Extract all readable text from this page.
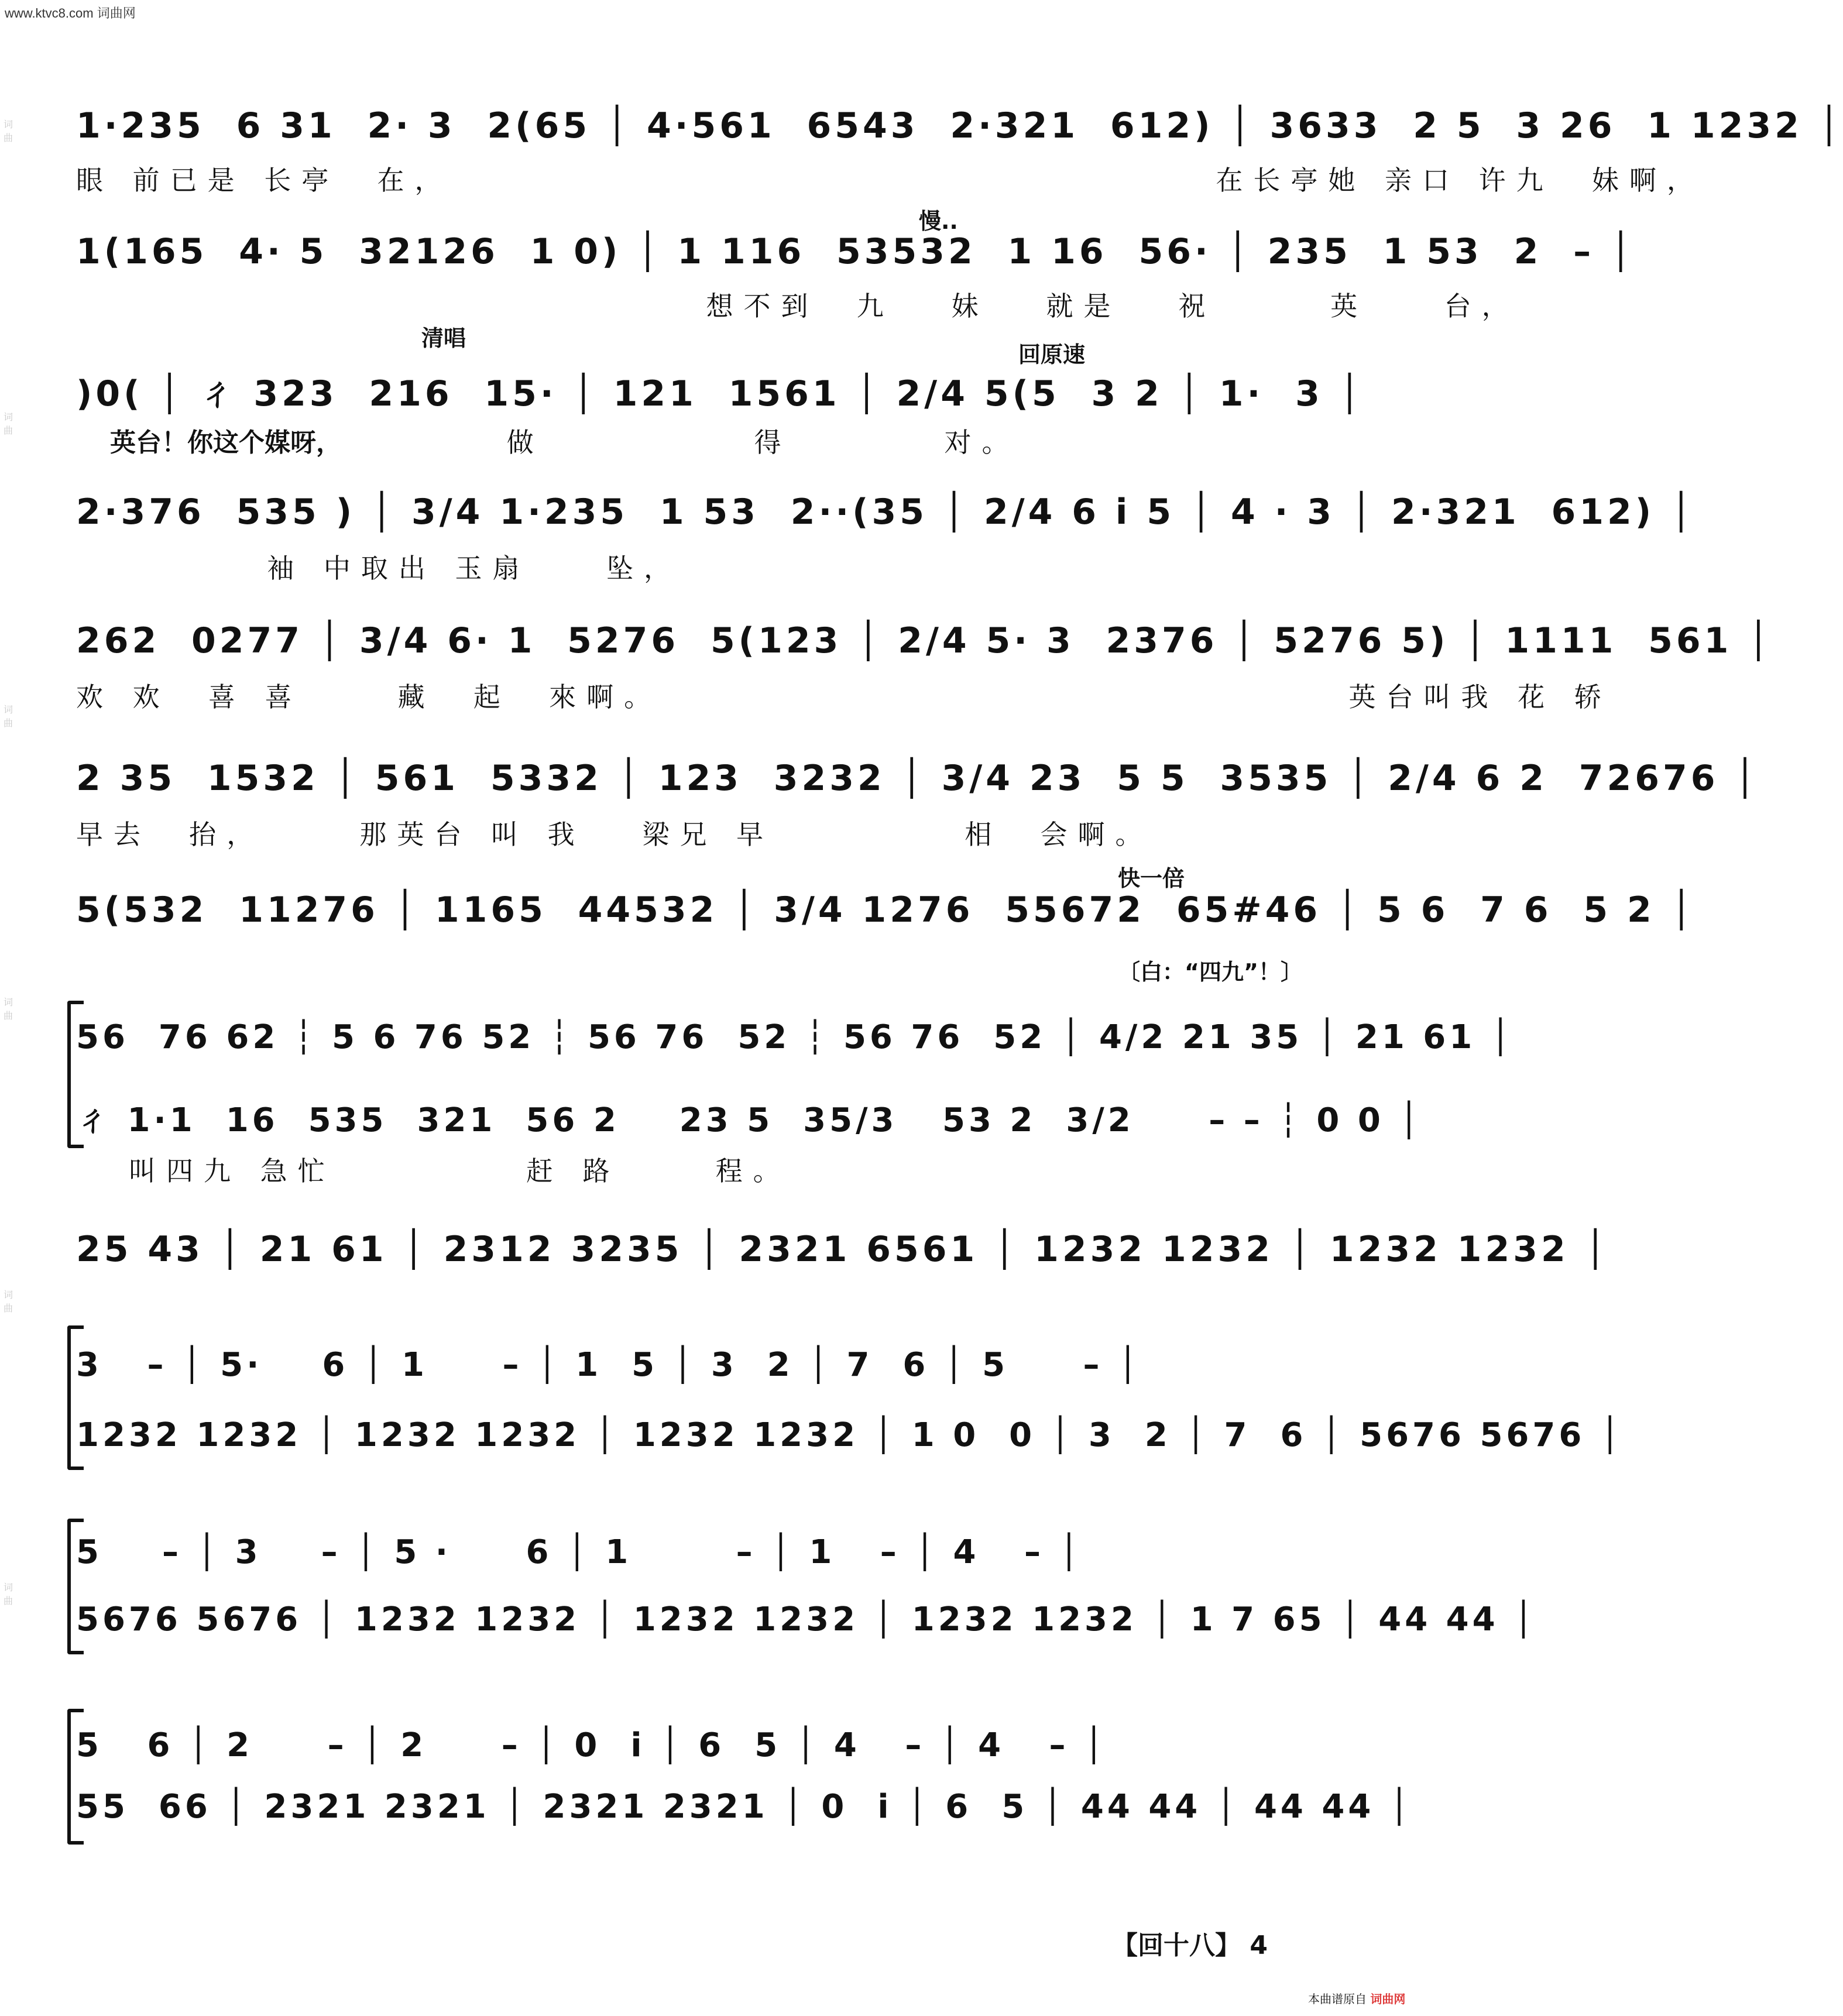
www.ktvc8.com 词曲网
词曲
词曲
词曲
词曲
词曲
词曲
1·235  6 31  2· 3  2(65 │ 4·561  6543  2·321  612) │ 3633  2 5  3 26  1 1232 │
眼 前已是 长亭  在，                                        在长亭她 亲口 许九  妹啊，
慢..
1(165  4· 5  32126  1 0) │ 1 116  53532  1 16  56· │ 235  1 53  2  – │
想不到  九   妹   就是   祝      英    台，
清唱
回原速
)0( │ ㄔ 323  216  15· │ 121  1561 │ 2/4 5(5  3 2 │ 1·  3 │
英台！你这个媒呀， 做           得        对。
2·376  535 ) │ 3/4 1·235  1 53  2··(35 │ 2/4 6 i 5 │ 4 · 3 │ 2·321  612) │
袖 中取出 玉扇    坠，
262  0277 │ 3/4 6· 1  5276  5(123 │ 2/4 5· 3  2376 │ 5276 5) │ 1111  561 │
欢 欢  喜 喜     藏  起  來啊。                                    英台叫我 花 轿
2 35  1532 │ 561  5332 │ 123  3232 │ 3/4 23  5 5  3535 │ 2/4 6 2  72676 │
早去  抬，     那英台 叫 我   梁兄 早          相  会啊。
快一倍
5(532  11276 │ 1165  44532 │ 3/4 1276  55672  65#46 │ 5 6  7 6  5 2 │
〔白：“四九”！〕
56  76 62 ┆ 5 6 76 52 ┆ 56 76  52 ┆ 56 76  52 │ 4/2 21 35 │ 21 61 │
ㄔ 1·1  16  535  321  56 2    23 5  35/3   53 2  3/2     – – ┆ 0 0 │
叫四九 急忙          赶 路     程。
25 43 │ 21 61 │ 2312 3235 │ 2321 6561 │ 1232 1232 │ 1232 1232 │
3   – │ 5·    6 │ 1     – │ 1  5 │ 3  2 │ 7  6 │ 5     – │
1232 1232 │ 1232 1232 │ 1232 1232 │ 1 0  0 │ 3  2 │ 7  6 │ 5676 5676 │
5    – │ 3    – │ 5 ·     6 │ 1       – │ 1   – │ 4   – │
5676 5676 │ 1232 1232 │ 1232 1232 │ 1232 1232 │ 1 7 65 │ 44 44 │
5   6 │ 2     – │ 2     – │ 0  i │ 6  5 │ 4   – │ 4   – │
55  66 │ 2321 2321 │ 2321 2321 │ 0  i │ 6  5 │ 44 44 │ 44 44 │
【回十八】 4
本曲谱原自 词曲网
